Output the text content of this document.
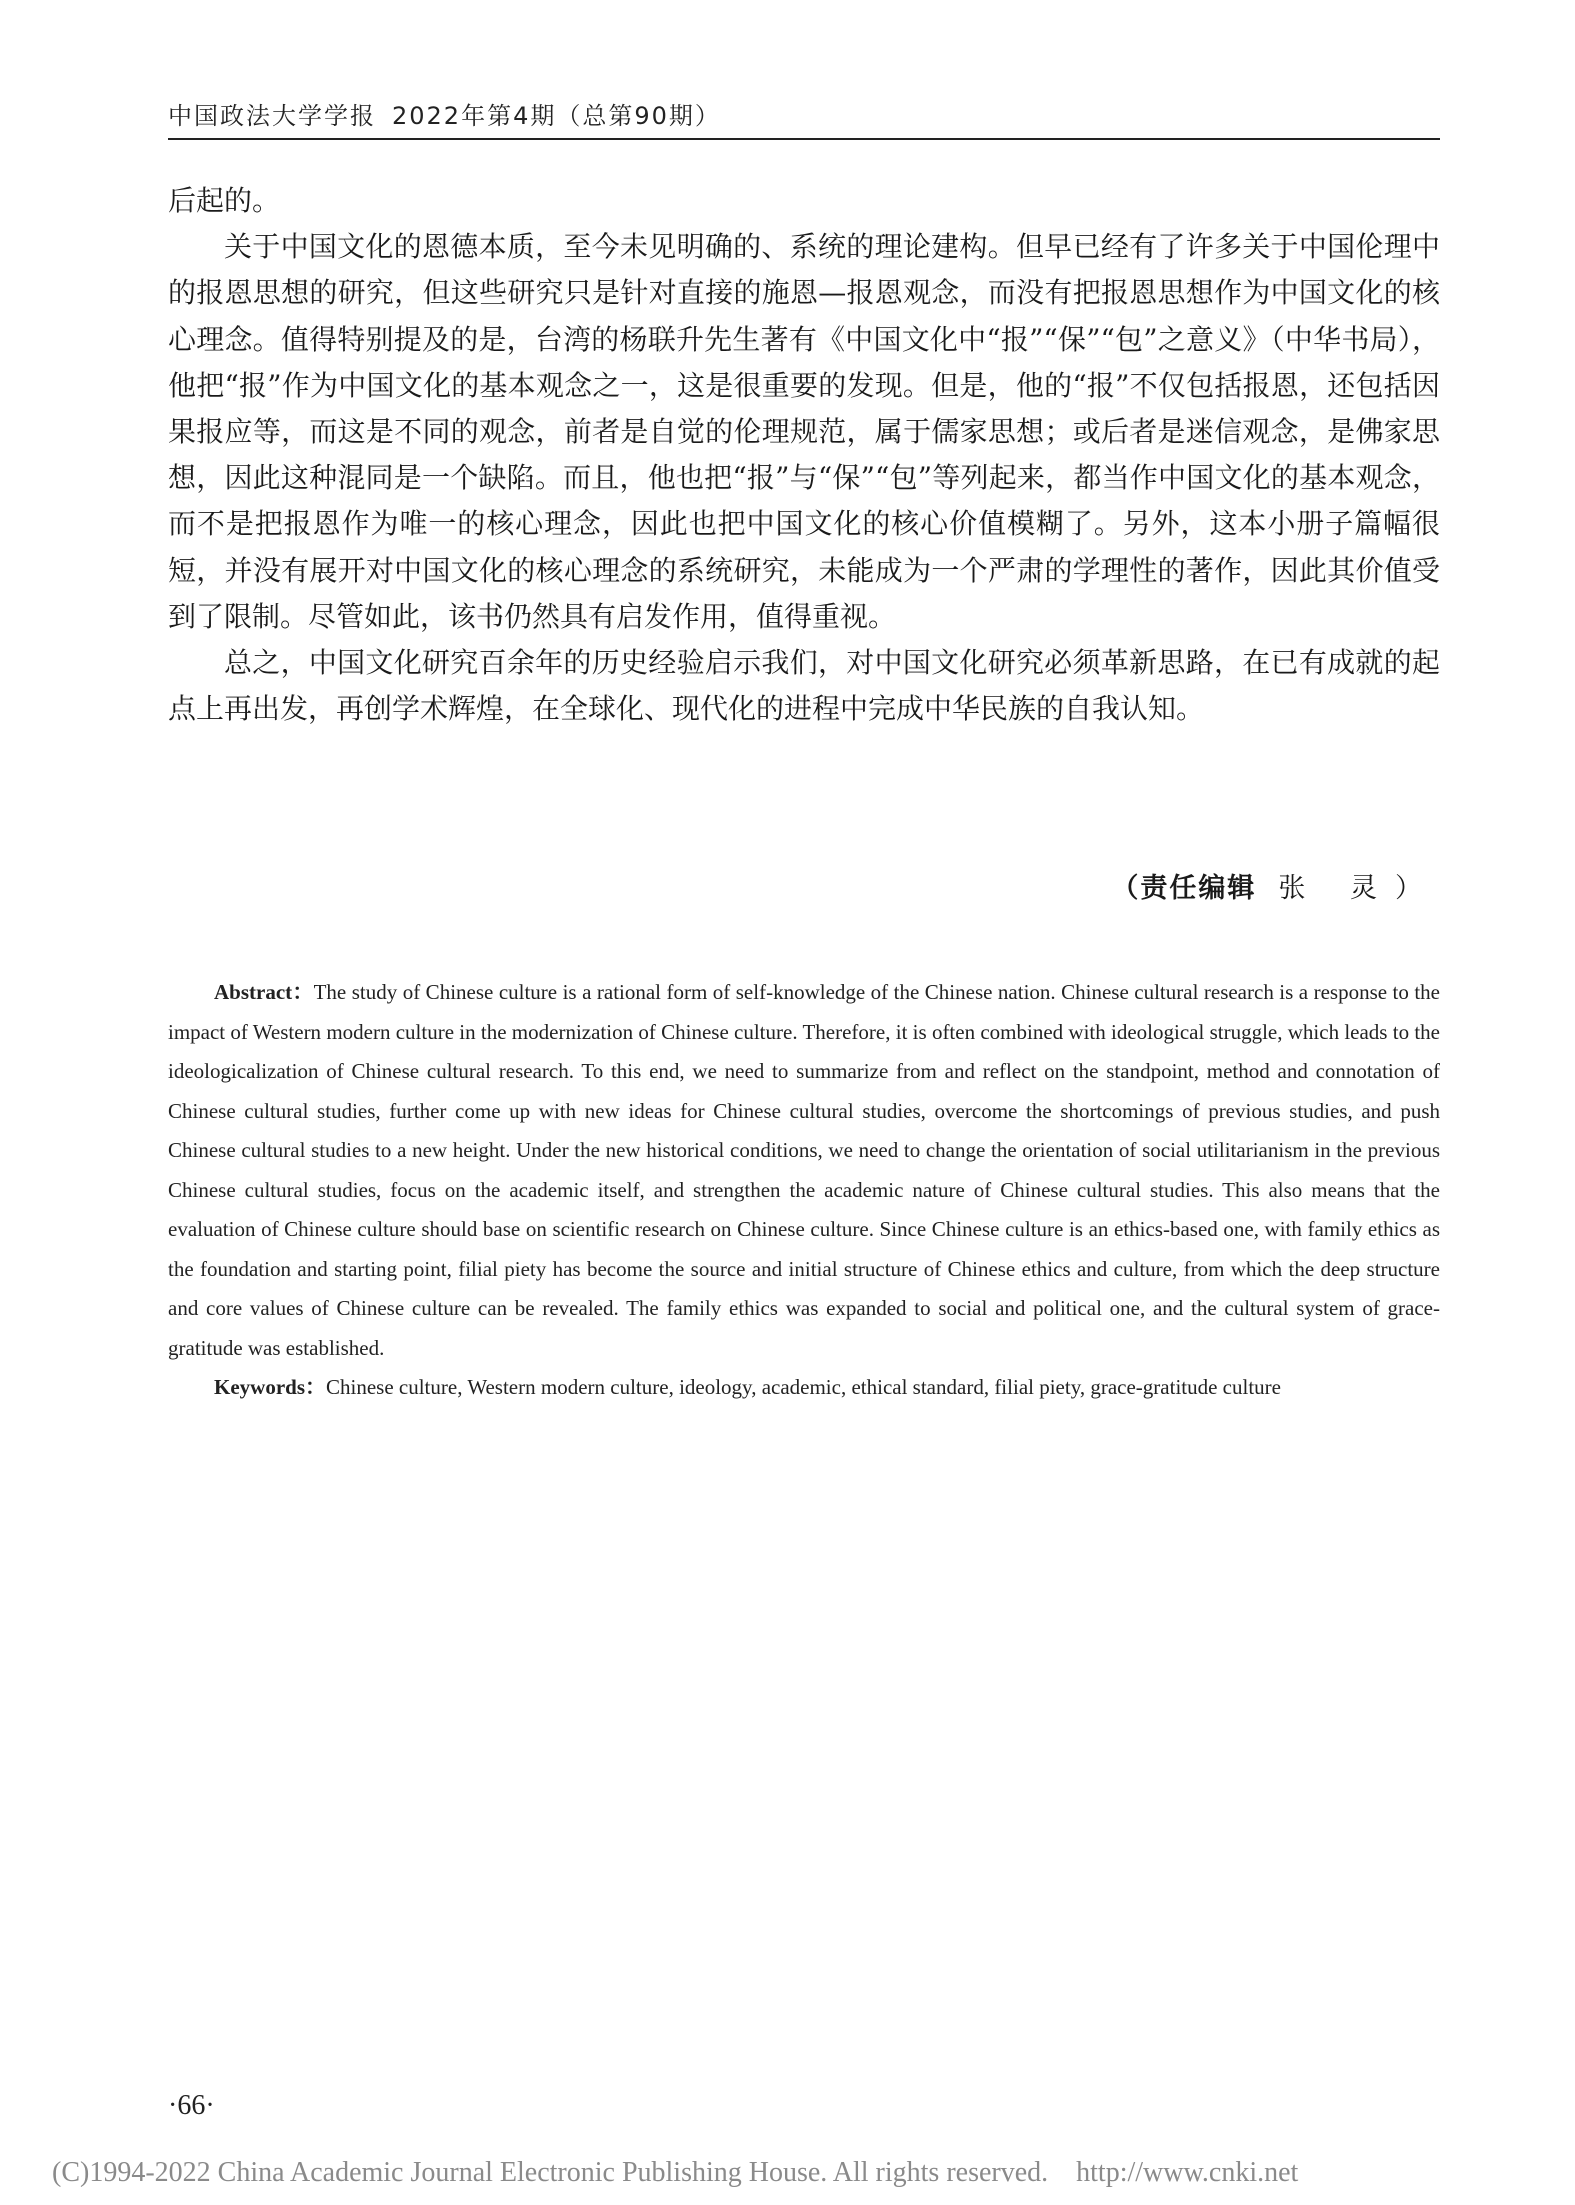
中国政法大学学报 2022年第4期（总第90期）

后起的。

关于中国文化的恩德本质，至今未见明确的、系统的理论建构。但早已经有了许多关于中国伦理中的报恩思想的研究，但这些研究只是针对直接的施恩—报恩观念，而没有把报恩思想作为中国文化的核心理念。值得特别提及的是，台湾的杨联升先生著有《中国文化中“报”“保”“包”之意义》（中华书局），他把“报”作为中国文化的基本观念之一，这是很重要的发现。但是，他的“报”不仅包括报恩，还包括因果报应等，而这是不同的观念，前者是自觉的伦理规范，属于儒家思想；或后者是迷信观念，是佛家思想，因此这种混同是一个缺陷。而且，他也把“报”与“保”“包”等列起来，都当作中国文化的基本观念，而不是把报恩作为唯一的核心理念，因此也把中国文化的核心价值模糊了。另外，这本小册子篇幅很短，并没有展开对中国文化的核心理念的系统研究，未能成为一个严肃的学理性的著作，因此其价值受到了限制。尽管如此，该书仍然具有启发作用，值得重视。

总之，中国文化研究百余年的历史经验启示我们，对中国文化研究必须革新思路，在已有成就的起点上再出发，再创学术辉煌，在全球化、现代化的进程中完成中华民族的自我认知。

（责任编辑 张 灵）

Abstract：The study of Chinese culture is a rational form of self-knowledge of the Chinese nation. Chinese cultural research is a response to the impact of Western modern culture in the modernization of Chinese culture. Therefore, it is often combined with ideological struggle, which leads to the ideologicalization of Chinese cultural research. To this end, we need to summarize from and reflect on the standpoint, method and connotation of Chinese cultural studies, further come up with new ideas for Chinese cultural studies, overcome the shortcomings of previous studies, and push Chinese cultural studies to a new height. Under the new historical conditions, we need to change the orientation of social utilitarianism in the previous Chinese cultural studies, focus on the academic itself, and strengthen the academic nature of Chinese cultural studies. This also means that the evaluation of Chinese culture should base on scientific research on Chinese culture. Since Chinese culture is an ethics-based one, with family ethics as the foundation and starting point, filial piety has become the source and initial structure of Chinese ethics and culture, from which the deep structure and core values of Chinese culture can be revealed. The family ethics was expanded to social and political one, and the cultural system of grace-gratitude was established.

Keywords：Chinese culture, Western modern culture, ideology, academic, ethical standard, filial piety, grace-gratitude culture

·66·
(C)1994-2022 China Academic Journal Electronic Publishing House. All rights reserved. http://www.cnki.net
